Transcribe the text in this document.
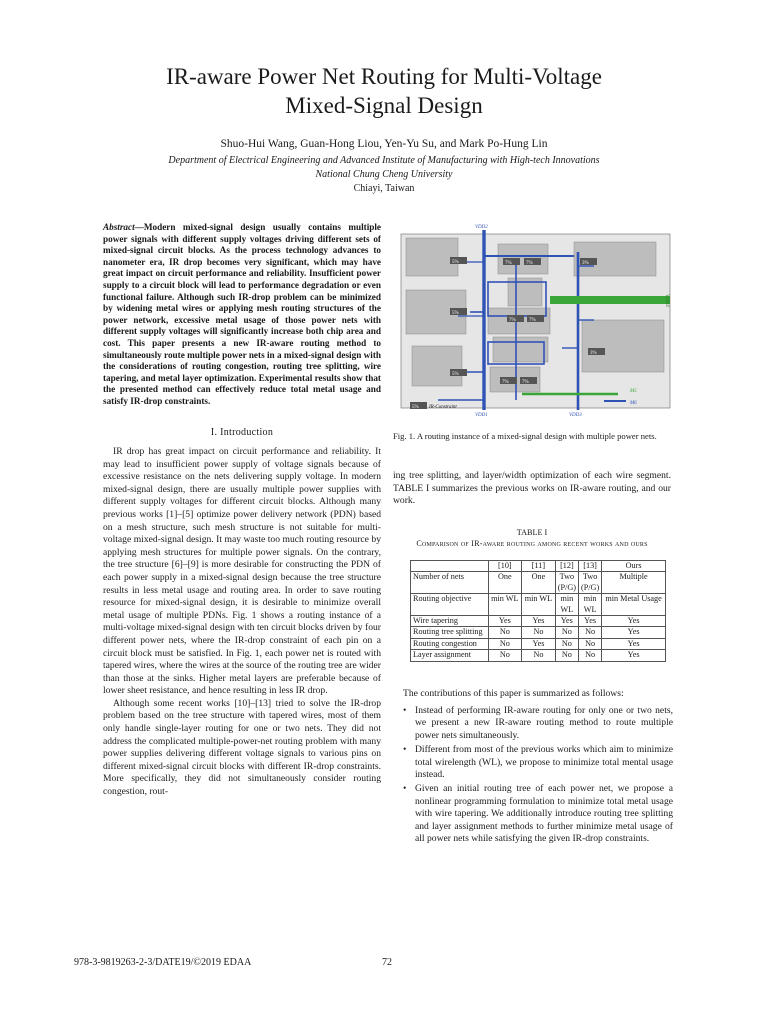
IR-aware Power Net Routing for Multi-Voltage
Mixed-Signal Design
Shuo-Hui Wang, Guan-Hong Liou, Yen-Yu Su, and Mark Po-Hung Lin
Department of Electrical Engineering and Advanced Institute of Manufacturing with High-tech Innovations
National Chung Cheng University
Chiayi, Taiwan
Abstract—Modern mixed-signal design usually contains multiple power signals with different supply voltages driving different sets of mixed-signal circuit blocks. As the process technology advances to nanometer era, IR drop becomes very significant, which may have great impact on circuit performance and reliability. Insufficient power supply to a circuit block will lead to performance degradation or even functional failure. Although such IR-drop problem can be minimized by widening metal wires or applying mesh routing structures of the power network, excessive metal usage of those power nets with different supply voltages will significantly increase both chip area and cost. This paper presents a new IR-aware routing method to simultaneously route multiple power nets in a mixed-signal design with the considerations of routing congestion, routing tree splitting, wire tapering, and metal layer optimization. Experimental results show that the presented method can effectively reduce total metal usage and satisfy IR-drop constraints.
I. Introduction

IR drop has great impact on circuit performance and reliability. It may lead to insufficient power supply of voltage signals because of excessive resistance on the nets delivering supply voltage. In modern mixed-signal design, there are usually multiple power supplies with different supply voltages for different circuit blocks. Although many previous works [1]–[5] optimize power delivery network (PDN) based on a mesh structure, such mesh structure is not suitable for multi-voltage mixed-signal design. It may waste too much routing resource by applying mesh structures for multiple power signals. On the contrary, the tree structure [6]–[9] is more desirable for constructing the PDN of each power supply in a mixed-signal design because the tree structure results in less metal usage and routing area. In order to save routing resource for mixed-signal design, it is desirable to minimize overall metal usage of multiple PDNs. Fig. 1 shows a routing instance of a multi-voltage mixed-signal design with ten circuit blocks driven by four different power nets, where the IR-drop constraint of each pin on a circuit block must be satisfied. In Fig. 1, each power net is routed with tapered wires, where the wires at the source of the routing tree are wider than those at the sinks. Higher metal layers are preferable because of lower sheet resistance, and hence resulting in less IR drop.

Although some recent works [10]–[13] tried to solve the IR-drop problem based on the tree structure with tapered wires, most of them only handle single-layer routing for one or two nets. They did not address the complicated multiple-power-net routing problem with many power supplies delivering different voltage signals to various pins on different mixed-signal circuit blocks with different IR-drop constraints. More specifically, they did not simultaneously consider routing congestion, rout-

5%
5%
5%
7%	7%
7%	7%
7%	7%
3%
3%
5% IR-Constraint
VDD2
VDD1	VDD3
VDD4
M5
M6
Fig. 1. A routing instance of a mixed-signal design with multiple power nets.
ing tree splitting, and layer/width optimization of each wire segment. TABLE I summarizes the previous works on IR-aware routing, and our work.
TABLE I
Comparison of IR-aware routing among recent works and ours
	[10]	[11]	[12]	[13]	Ours
Number of nets	One	One	Two (P/G)	Two (P/G)	Multiple
Routing objective	min WL	min WL	min WL	min WL	min Metal Usage
Wire tapering	Yes	Yes	Yes	Yes	Yes
Routing tree splitting	No	No	No	No	Yes
Routing congestion	No	Yes	No	No	Yes
Layer assignment	No	No	No	No	Yes
The contributions of this paper is summarized as follows:
• Instead of performing IR-aware routing for only one or two nets, we present a new IR-aware routing method to route multiple power nets simultaneously.
• Different from most of the previous works which aim to minimize total wirelength (WL), we propose to minimize total mental usage instead.
• Given an initial routing tree of each power net, we propose a nonlinear programming formulation to minimize total metal usage with wire tapering. We additionally introduce routing tree splitting and layer assignment methods to further minimize metal usage of all power nets while satisfying the given IR-drop constraints.
978-3-9819263-2-3/DATE19/©2019 EDAA	72
